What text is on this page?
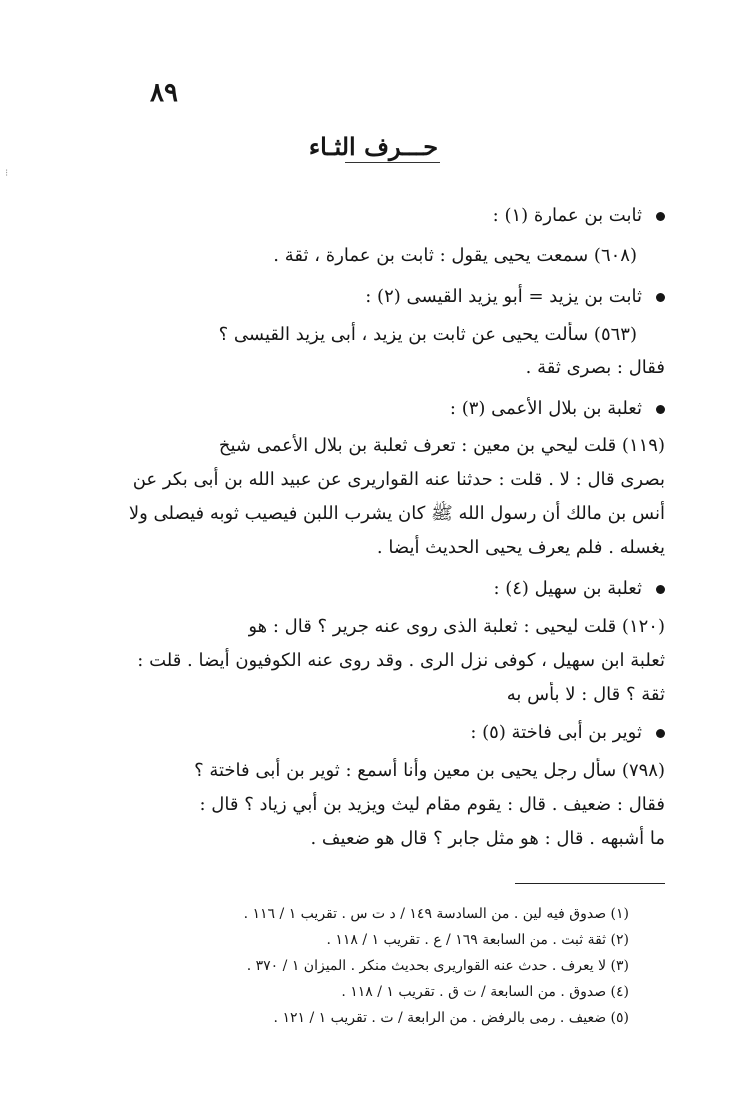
٨٩
حـــرف الثـاء
⁝
ثابت بن عمارة (١) :
(٦٠٨) سمعت يحيى يقول : ثابت بن عمارة ، ثقة .
ثابت بن يزيد = أبو يزيد القيسى (٢) :
(٥٦٣) سألت يحيى عن ثابت بن يزيد ، أبى يزيد القيسى ؟
فقال : بصرى ثقة .
ثعلبة بن بلال الأعمى (٣) :
(١١٩) قلت ليحي بن معين : تعرف ثعلبة بن بلال الأعمى شيخ
بصرى قال : لا . قلت : حدثنا عنه القواريرى عن عبيد الله بن أبى بكر عن
أنس بن مالك أن رسول الله ﷺ كان يشرب اللبن فيصيب ثوبه فيصلى ولا
يغسله . فلم يعرف يحيى الحديث أيضا .
ثعلبة بن سهيل (٤) :
(١٢٠) قلت ليحيى : ثعلبة الذى روى عنه جرير ؟ قال : هو
ثعلبة ابن سهيل ، كوفى نزل الرى . وقد روى عنه الكوفيون أيضا . قلت :
ثقة ؟ قال : لا بأس به
ثوير بن أبى فاختة (٥) :
(٧٩٨) سأل رجل يحيى بن معين وأنا أسمع : ثوير بن أبى فاختة ؟
فقال : ضعيف . قال : يقوم مقام ليث ويزيد بن أبي زياد ؟ قال :
ما أشبهه . قال : هو مثل جابر ؟ قال هو ضعيف .
(١) صدوق فيه لين . من السادسة ١٤٩ / د ت س . تقريب ١ / ١١٦ .
(٢) ثقة ثبت . من السابعة ١٦٩ / ع . تقريب ١ / ١١٨ .
(٣) لا يعرف . حدث عنه القواريرى بحديث منكر . الميزان ١ / ٣٧٠ .
(٤) صدوق . من السابعة / ت ق . تقريب ١ / ١١٨ .
(٥) ضعيف . رمى بالرفض . من الرابعة / ت . تقريب ١ / ١٢١ .
